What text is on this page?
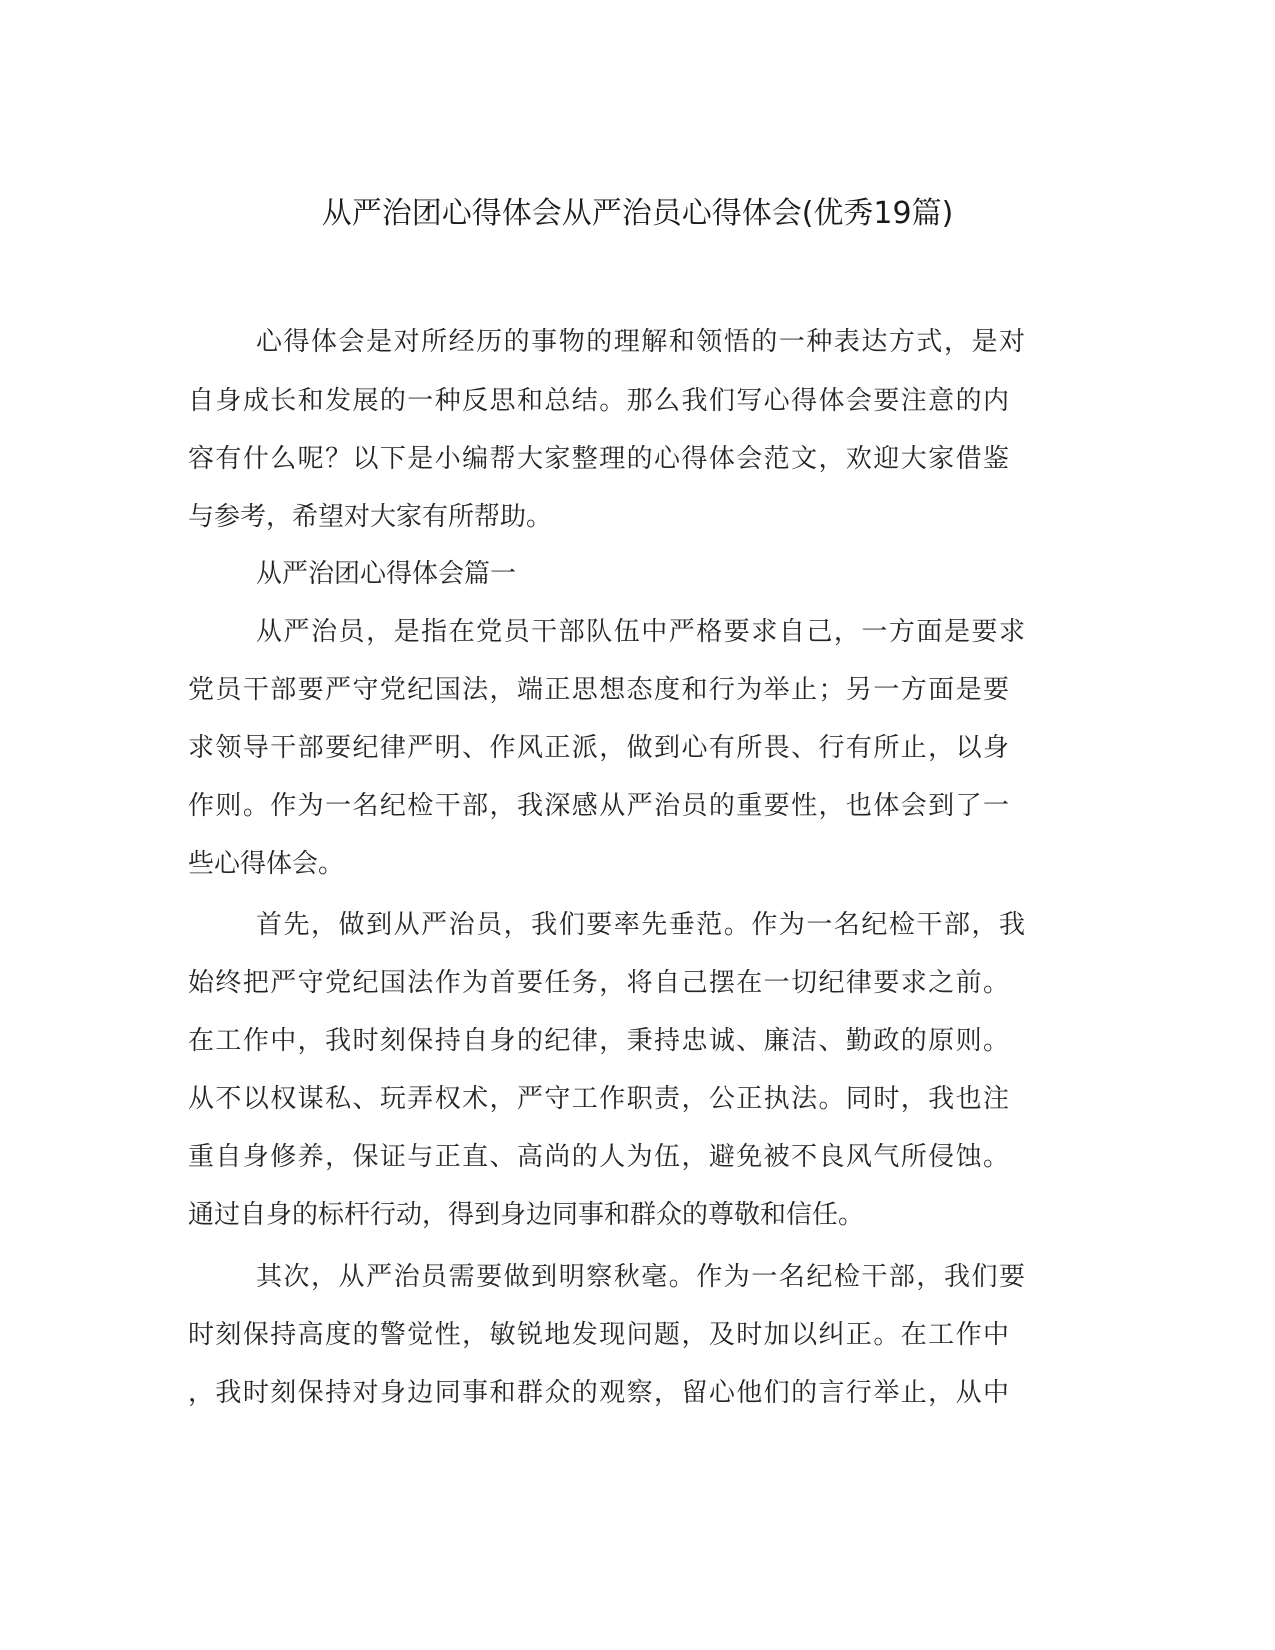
从严治团心得体会从严治员心得体会(优秀19篇)
心得体会是对所经历的事物的理解和领悟的一种表达方式，是对
自身成长和发展的一种反思和总结。那么我们写心得体会要注意的内
容有什么呢？以下是小编帮大家整理的心得体会范文，欢迎大家借鉴
与参考，希望对大家有所帮助。
从严治团心得体会篇一
从严治员，是指在党员干部队伍中严格要求自己，一方面是要求
党员干部要严守党纪国法，端正思想态度和行为举止；另一方面是要
求领导干部要纪律严明、作风正派，做到心有所畏、行有所止，以身
作则。作为一名纪检干部，我深感从严治员的重要性，也体会到了一
些心得体会。
首先，做到从严治员，我们要率先垂范。作为一名纪检干部，我
始终把严守党纪国法作为首要任务，将自己摆在一切纪律要求之前。
在工作中，我时刻保持自身的纪律，秉持忠诚、廉洁、勤政的原则。
从不以权谋私、玩弄权术，严守工作职责，公正执法。同时，我也注
重自身修养，保证与正直、高尚的人为伍，避免被不良风气所侵蚀。
通过自身的标杆行动，得到身边同事和群众的尊敬和信任。
其次，从严治员需要做到明察秋毫。作为一名纪检干部，我们要
时刻保持高度的警觉性，敏锐地发现问题，及时加以纠正。在工作中
，我时刻保持对身边同事和群众的观察，留心他们的言行举止，从中
